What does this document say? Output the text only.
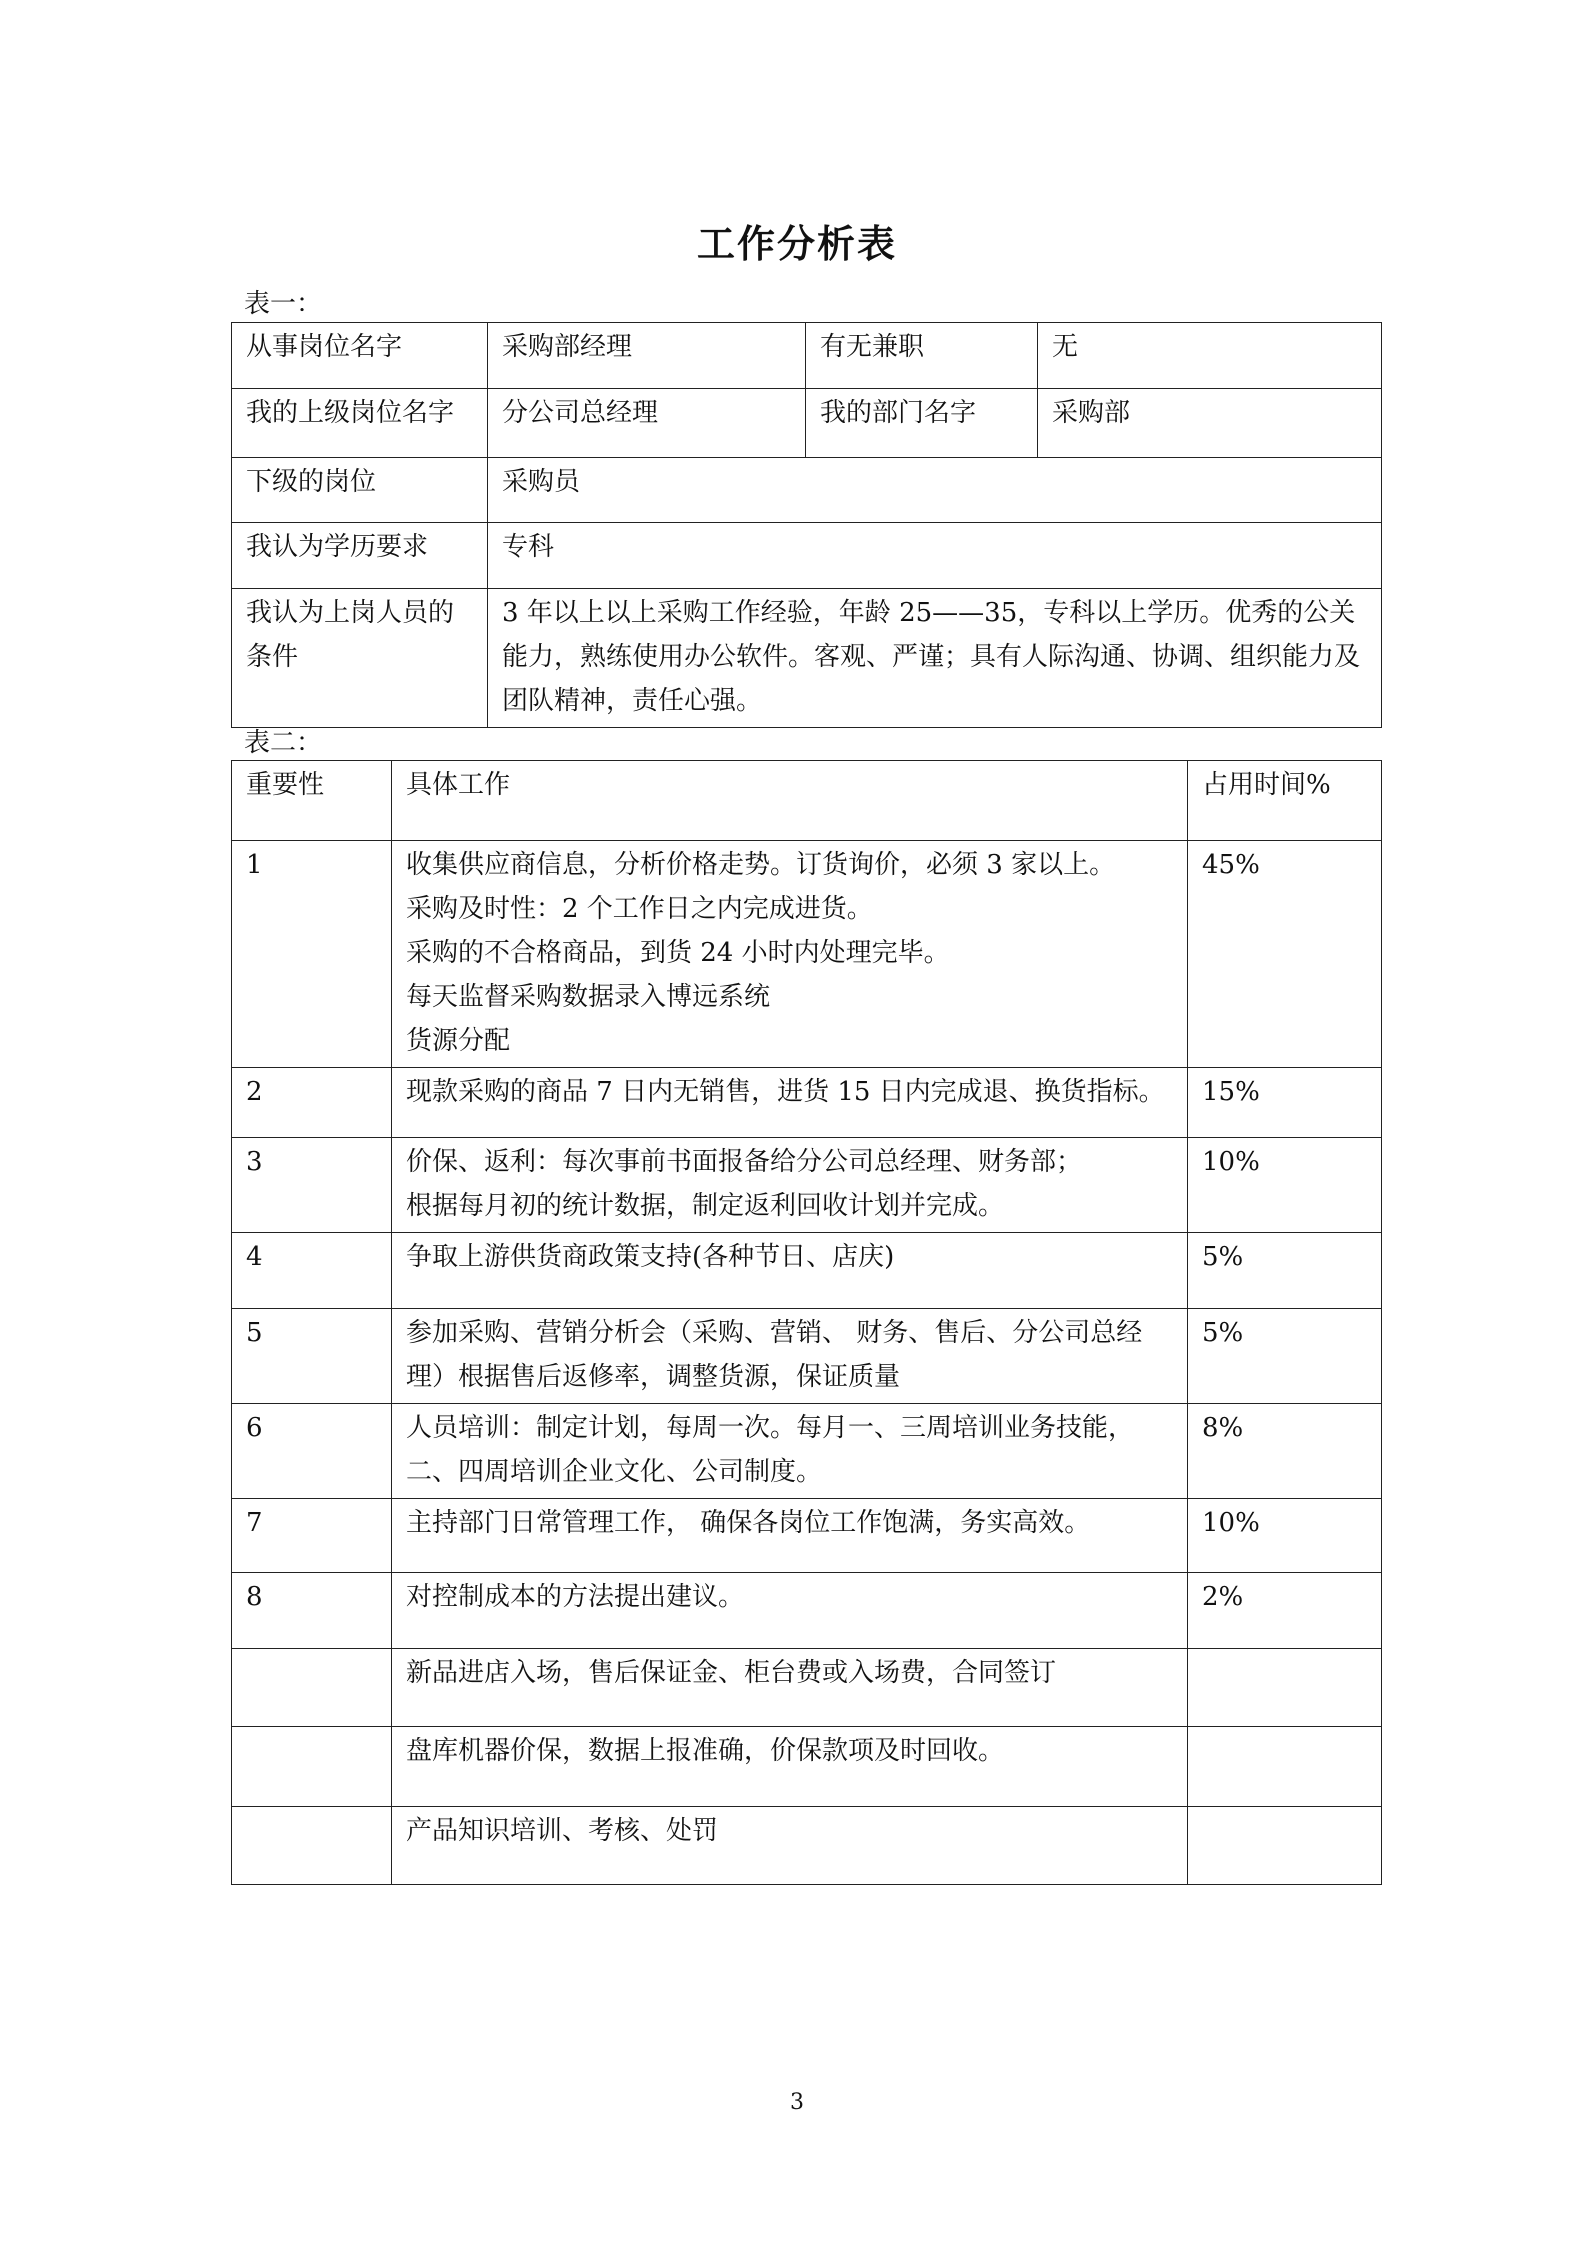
工作分析表
表一：
从事岗位名字	采购部经理	有无兼职	无
我的上级岗位名字	分公司总经理	我的部门名字	采购部
下级的岗位	采购员		
我认为学历要求	专科		
我认为上岗人员的条件	3 年以上以上采购工作经验，年龄 25——35，专科以上学历。优秀的公关能力，熟练使用办公软件。客观、严谨；具有人际沟通、协调、组织能力及团队精神，责任心强。		
表二：
重要性	具体工作	占用时间%
1	收集供应商信息，分析价格走势。订货询价，必须 3 家以上。
采购及时性：2 个工作日之内完成进货。
采购的不合格商品，到货 24 小时内处理完毕。
每天监督采购数据录入博远系统
货源分配	45%
2	现款采购的商品 7 日内无销售，进货 15 日内完成退、换货指标。	15%
3	价保、返利：每次事前书面报备给分公司总经理、财务部；
根据每月初的统计数据，制定返利回收计划并完成。	10%
4	争取上游供货商政策支持(各种节日、店庆)	5%
5	参加采购、营销分析会（采购、营销、 财务、售后、分公司总经理）根据售后返修率，调整货源，保证质量	5%
6	人员培训：制定计划，每周一次。每月一、三周培训业务技能，二、四周培训企业文化、公司制度。	8%
7	主持部门日常管理工作， 确保各岗位工作饱满，务实高效。	10%
8	对控制成本的方法提出建议。	2%

	新品进店入场，售后保证金、柜台费或入场费，合同签订	

	盘库机器价保，数据上报准确，价保款项及时回收。	

	产品知识培训、考核、处罚	

3
